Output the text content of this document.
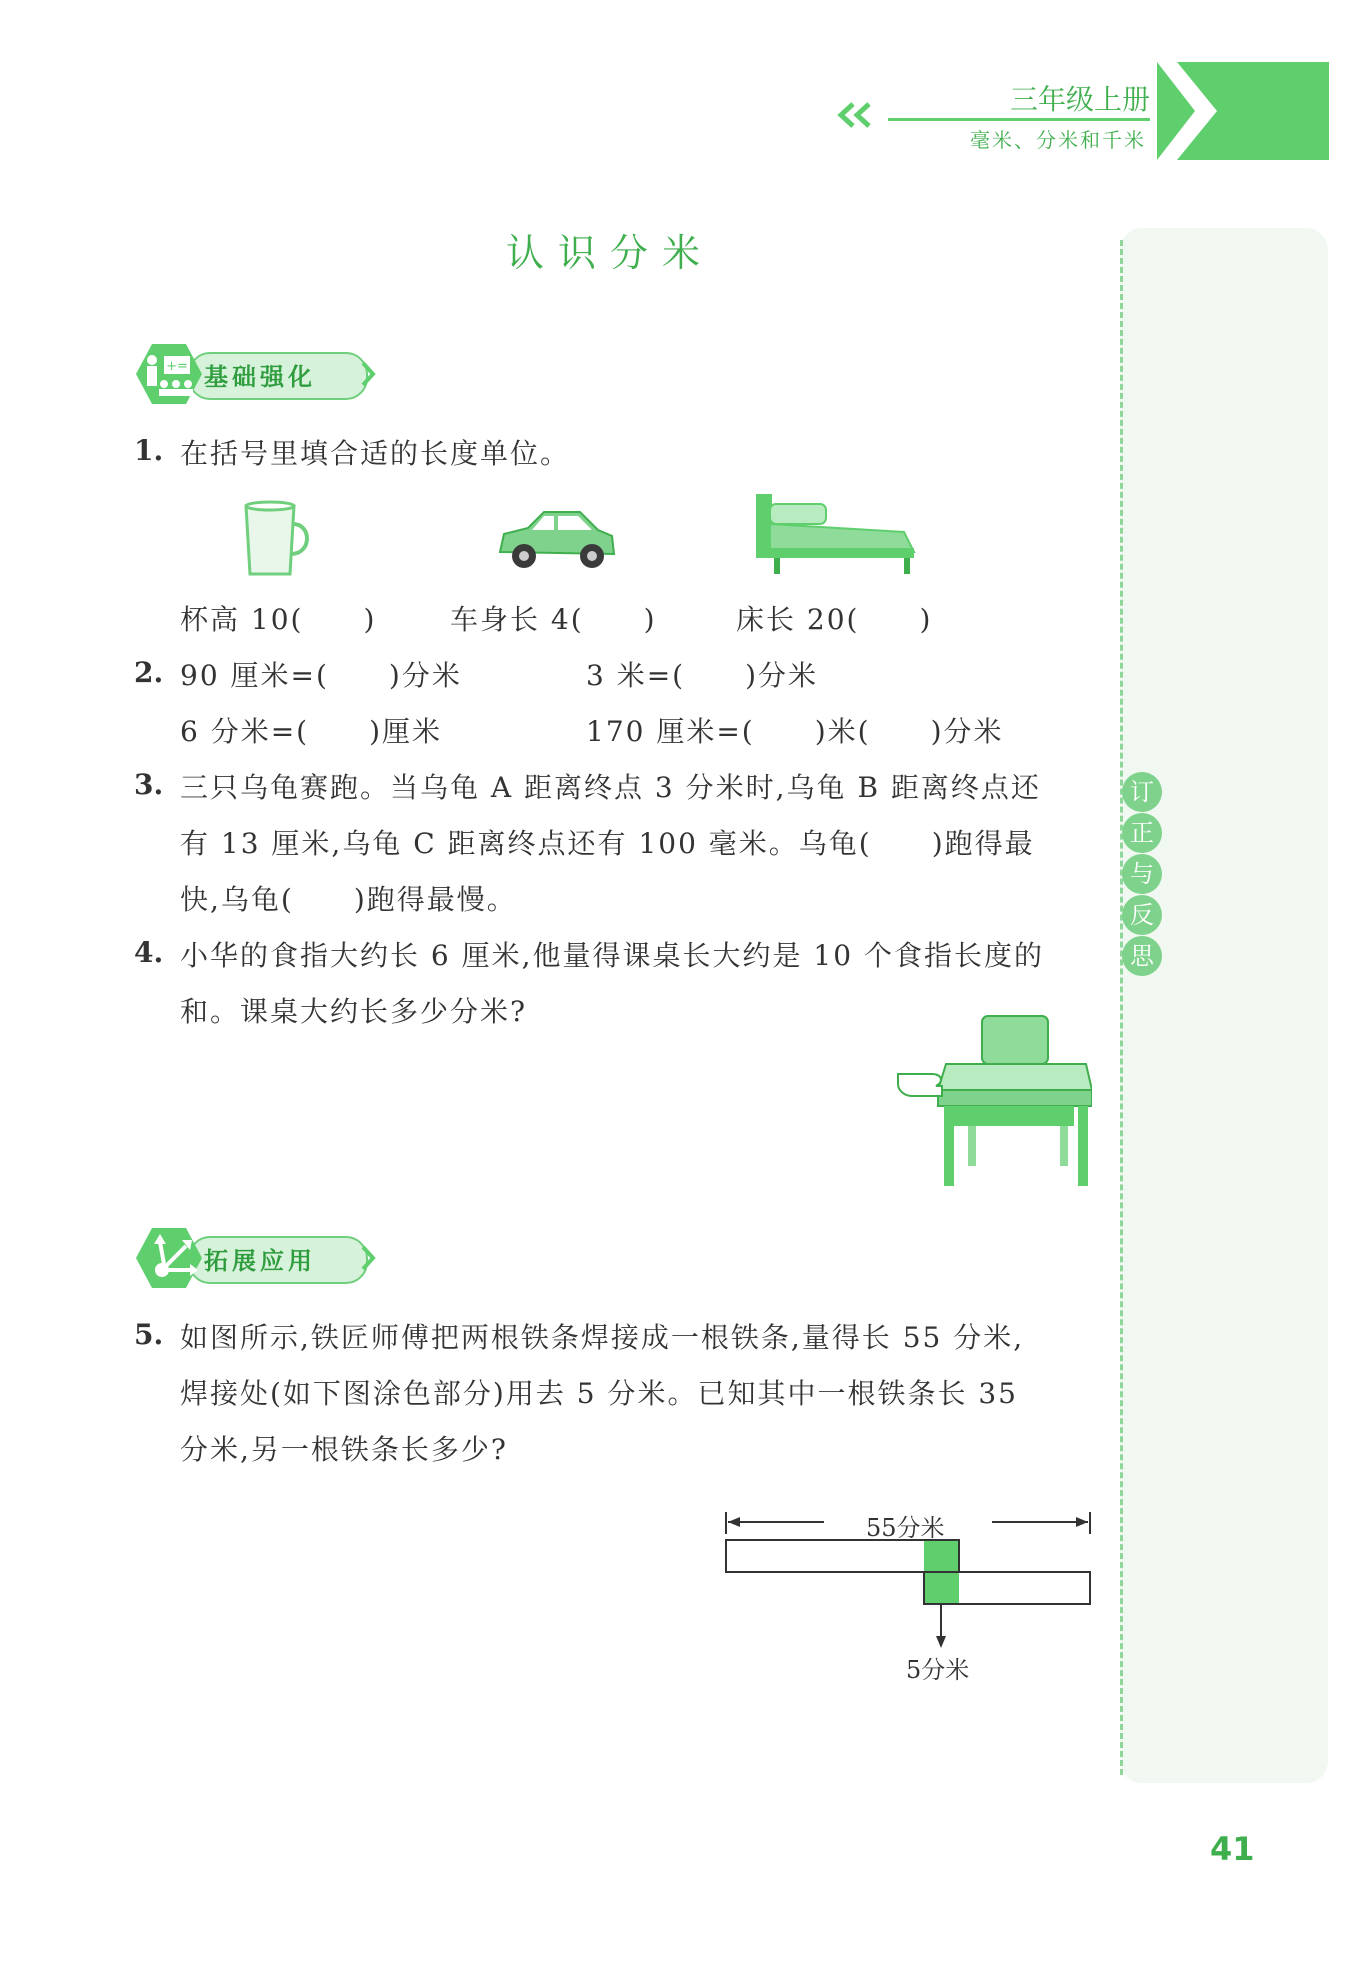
三年级上册
毫米、分米和千米
认识分米
订
正
与
反
思
+= 基础强化
1. 在括号里填合适的长度单位。
杯高 10(　　)	车身长 4(　　)	床长 20(　　)
2. 90 厘米=(　　)分米	3 米=(　　)分米
6 分米=(　　)厘米	170 厘米=(　　)米(　　)分米
3. 三只乌龟赛跑。当乌龟 A 距离终点 3 分米时,乌龟 B 距离终点还
有 13 厘米,乌龟 C 距离终点还有 100 毫米。乌龟(　　)跑得最
快,乌龟(　　)跑得最慢。
4. 小华的食指大约长 6 厘米,他量得课桌长大约是 10 个食指长度的
和。课桌大约长多少分米?
拓展应用
5. 如图所示,铁匠师傅把两根铁条焊接成一根铁条,量得长 55 分米,
焊接处(如下图涂色部分)用去 5 分米。已知其中一根铁条长 35
分米,另一根铁条长多少?
55分米
5分米
41
